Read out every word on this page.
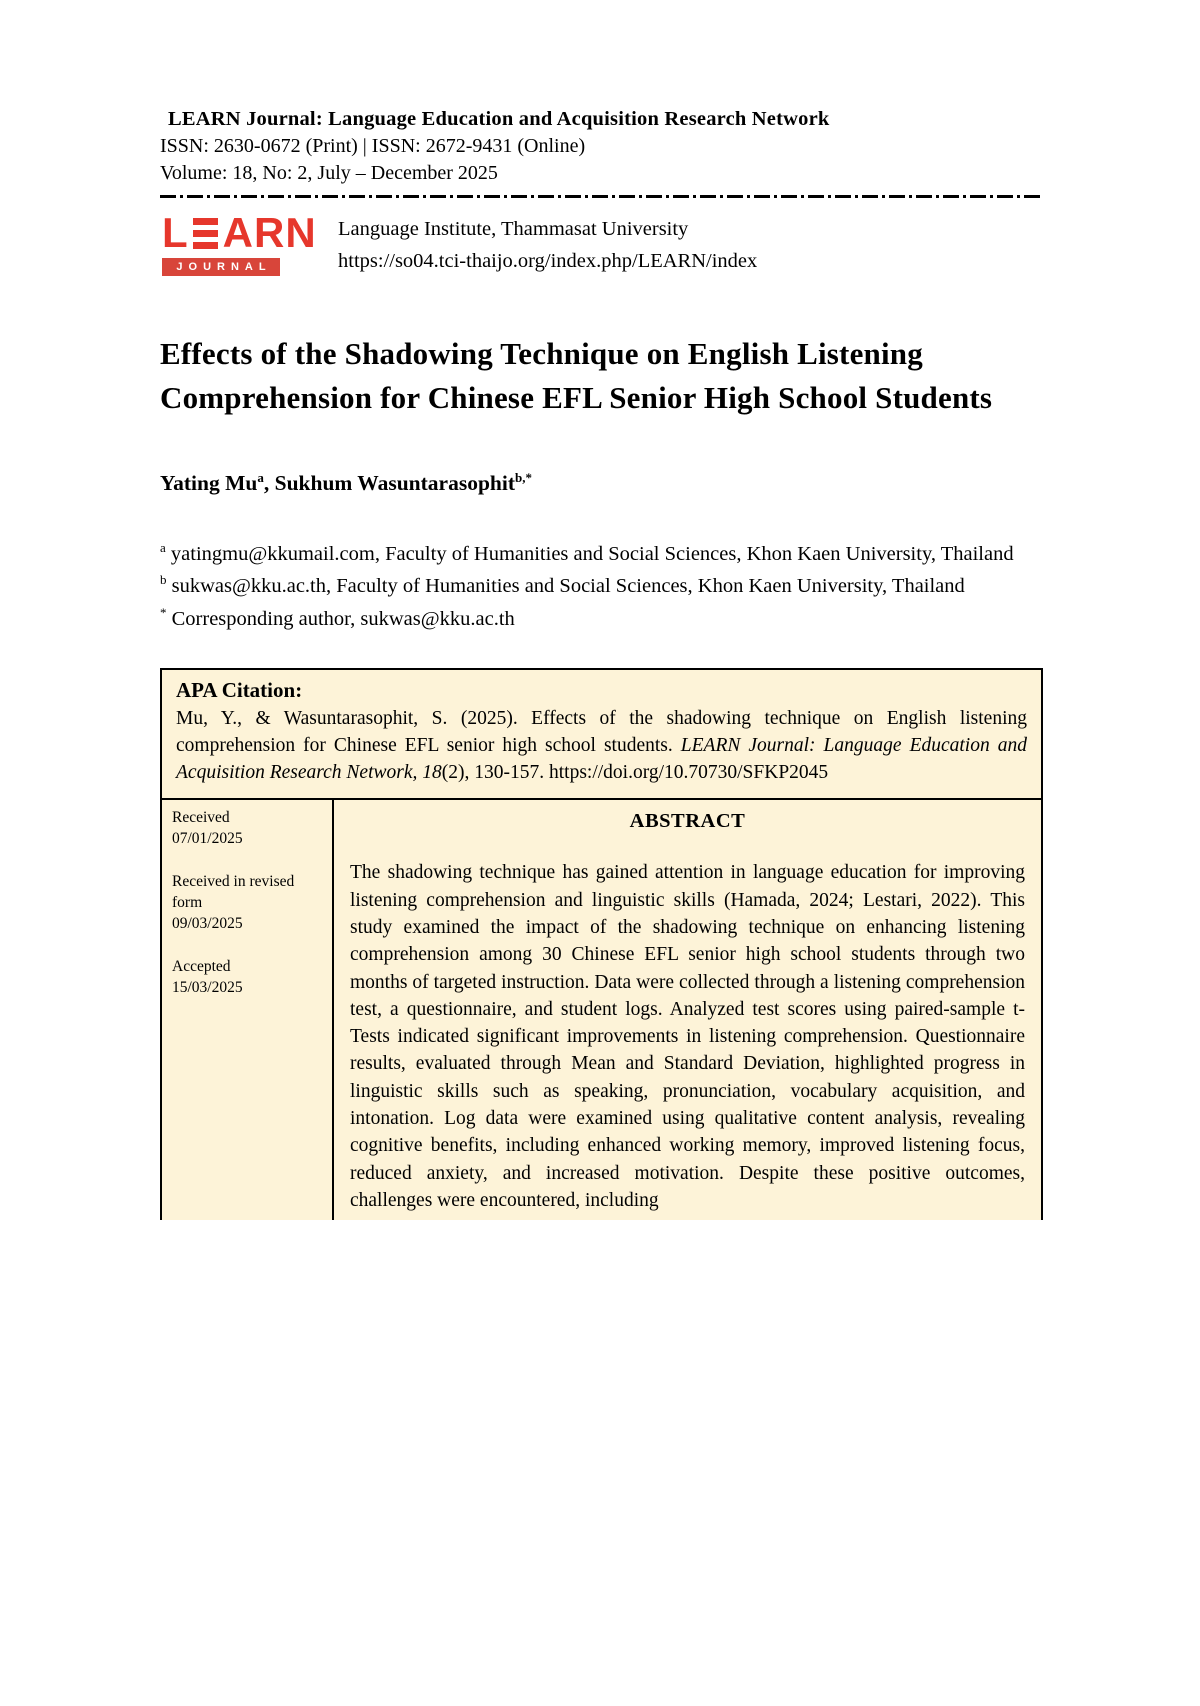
LEARN Journal: Language Education and Acquisition Research Network
ISSN: 2630-0672 (Print) | ISSN: 2672-9431 (Online)
Volume: 18, No: 2, July – December 2025
L ARN
JOURNAL
Language Institute, Thammasat University
https://so04.tci-thaijo.org/index.php/LEARN/index
Effects of the Shadowing Technique on English Listening Comprehension for Chinese EFL Senior High School Students

Yating Mu$^a$, Sukhum Wasuntarasophit$^{b,*}$

$^a$ yatingmu@kkumail.com, Faculty of Humanities and Social Sciences, Khon Kaen University, Thailand
$^b$ sukwas@kku.ac.th, Faculty of Humanities and Social Sciences, Khon Kaen University, Thailand
* Corresponding author, sukwas@kku.ac.th
APA Citation:

Mu, Y., & Wasuntarasophit, S. (2025). Effects of the shadowing technique on English listening comprehension for Chinese EFL senior high school students. LEARN Journal: Language Education and Acquisition Research Network, 18(2), 130-157. https://doi.org/10.70730/SFKP2045

Received
07/01/2025
Received in revised form
09/03/2025
Accepted
15/03/2025
ABSTRACT

The shadowing technique has gained attention in language education for improving listening comprehension and linguistic skills (Hamada, 2024; Lestari, 2022). This study examined the impact of the shadowing technique on enhancing listening comprehension among 30 Chinese EFL senior high school students through two months of targeted instruction. Data were collected through a listening comprehension test, a questionnaire, and student logs. Analyzed test scores using paired-sample t-Tests indicated significant improvements in listening comprehension. Questionnaire results, evaluated through Mean and Standard Deviation, highlighted progress in linguistic skills such as speaking, pronunciation, vocabulary acquisition, and intonation. Log data were examined using qualitative content analysis, revealing cognitive benefits, including enhanced working memory, improved listening focus, reduced anxiety, and increased motivation. Despite these positive outcomes, challenges were encountered, including
